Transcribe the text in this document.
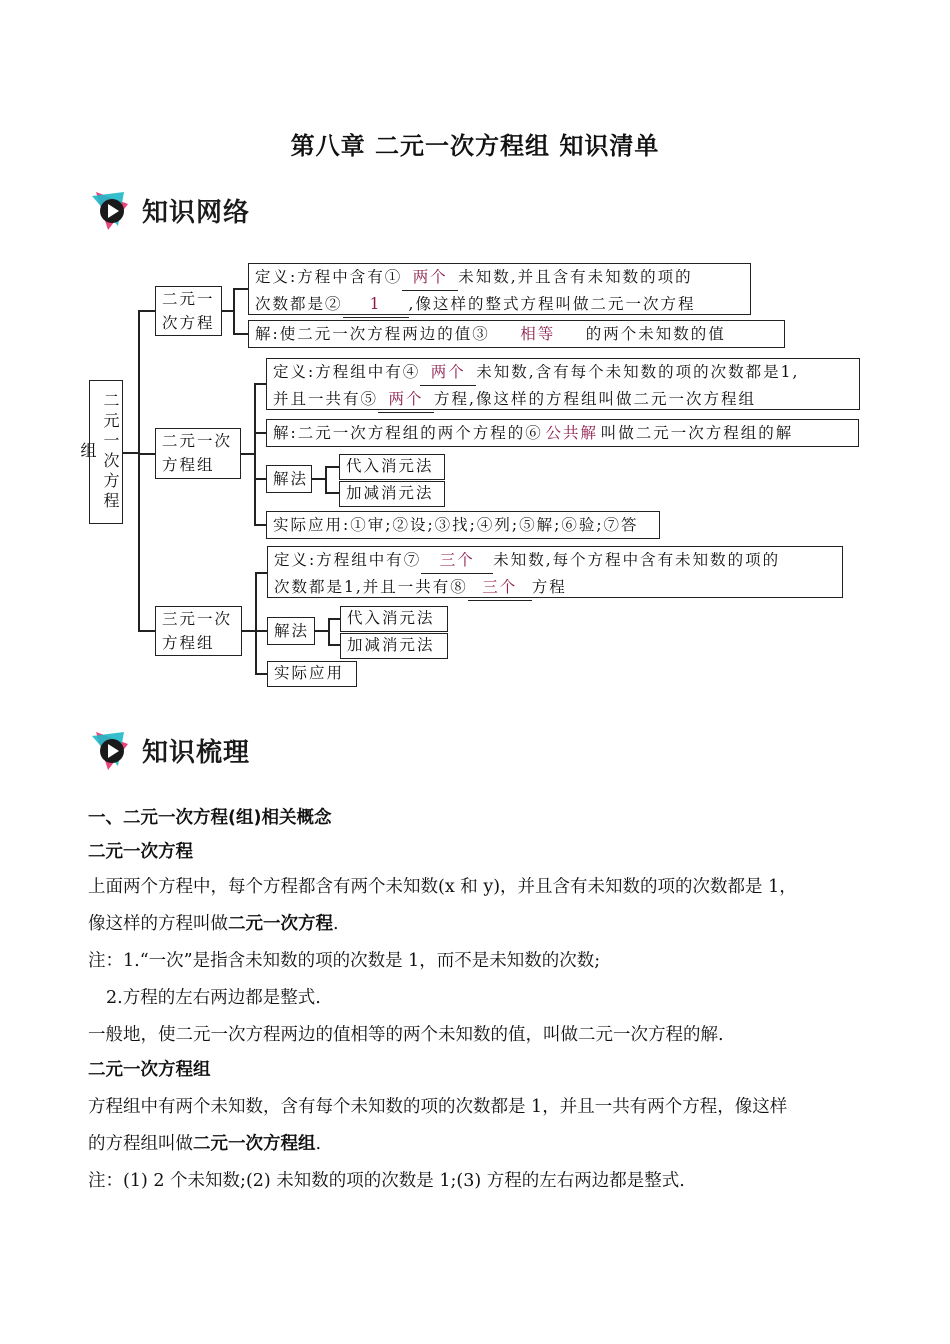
第八章 二元一次方程组 知识清单
知识网络
二元一次方程组
二元一次方程
定义:方程中含有① 两个 未知数,并且含有未知数的项的
次数都是② 1 ,像这样的整式方程叫做二元一次方程
解:使二元一次方程两边的值③ 相等 的两个未知数的值
二元一次方程组
定义:方程组中有④ 两个 未知数,含有每个未知数的项的次数都是1,
并且一共有⑤ 两个 方程,像这样的方程组叫做二元一次方程组
解:二元一次方程组的两个方程的⑥ 公共解 叫做二元一次方程组的解
解法
代入消元法
加减消元法
实际应用:①审;②设;③找;④列;⑤解;⑥验;⑦答
三元一次方程组
定义:方程组中有⑦ 三个 未知数,每个方程中含有未知数的项的
次数都是1,并且一共有⑧ 三个 方程
解法
代入消元法
加减消元法
实际应用
知识梳理
一、二元一次方程(组)相关概念
二元一次方程
上面两个方程中，每个方程都含有两个未知数(x 和 y)，并且含有未知数的项的次数都是 1，
像这样的方程叫做二元一次方程.
注：1.“一次”是指含未知数的项的次数是 1，而不是未知数的次数;
2.方程的左右两边都是整式.
一般地，使二元一次方程两边的值相等的两个未知数的值，叫做二元一次方程的解.
二元一次方程组
方程组中有两个未知数，含有每个未知数的项的次数都是 1，并且一共有两个方程，像这样
的方程组叫做二元一次方程组.
注：(1) 2 个未知数;(2) 未知数的项的次数是 1;(3) 方程的左右两边都是整式.
